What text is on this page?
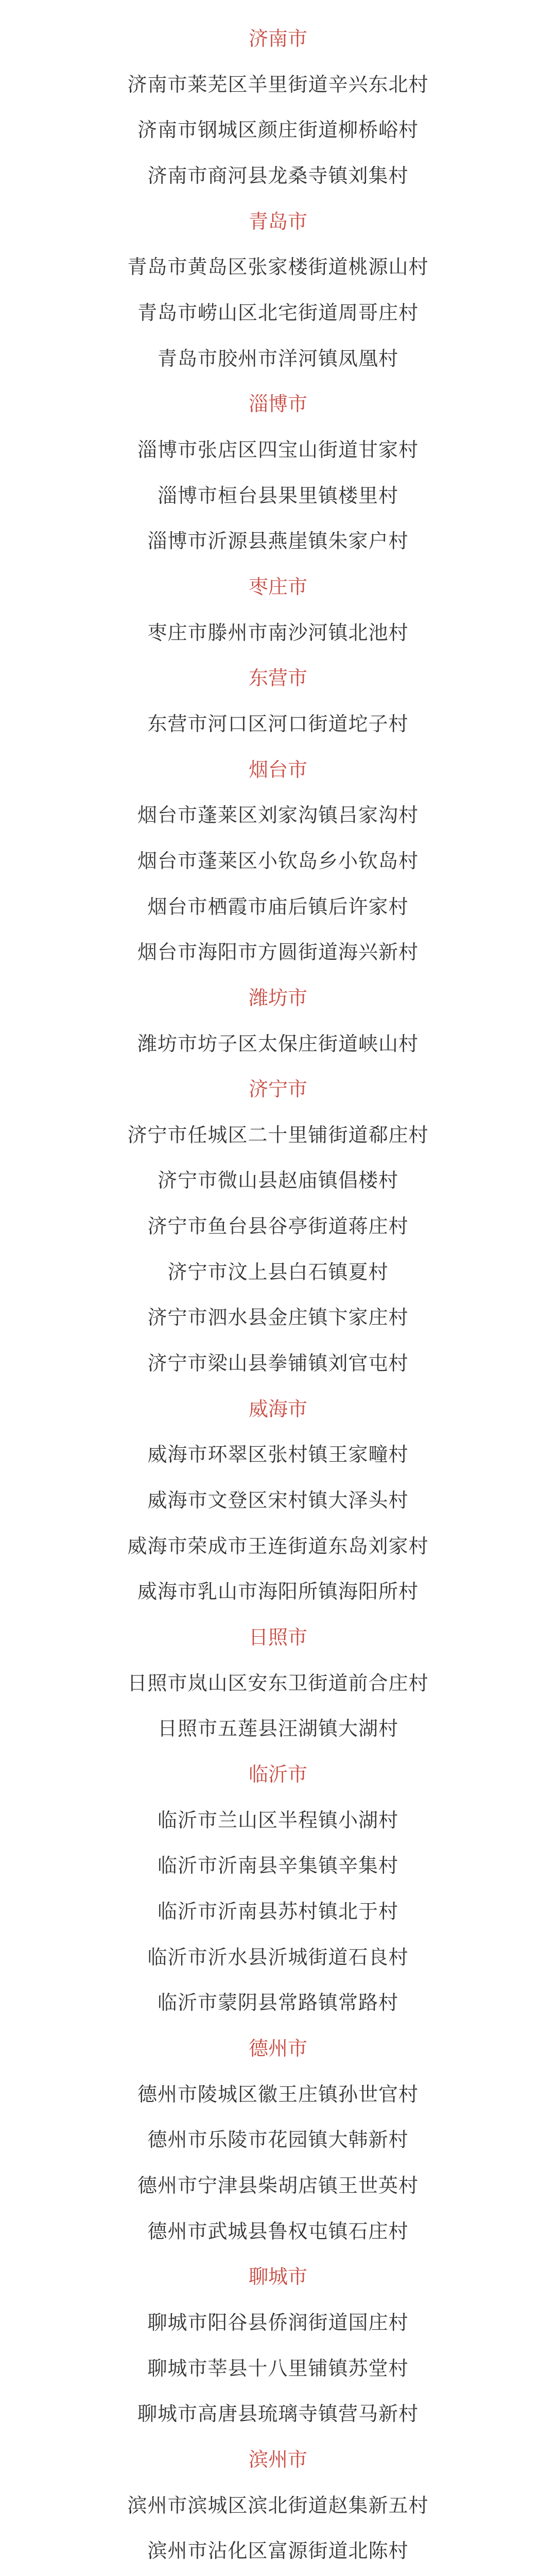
济南市
济南市莱芜区羊里街道辛兴东北村
济南市钢城区颜庄街道柳桥峪村
济南市商河县龙桑寺镇刘集村
青岛市
青岛市黄岛区张家楼街道桃源山村
青岛市崂山区北宅街道周哥庄村
青岛市胶州市洋河镇凤凰村
淄博市
淄博市张店区四宝山街道甘家村
淄博市桓台县果里镇楼里村
淄博市沂源县燕崖镇朱家户村
枣庄市
枣庄市滕州市南沙河镇北池村
东营市
东营市河口区河口街道坨子村
烟台市
烟台市蓬莱区刘家沟镇吕家沟村
烟台市蓬莱区小钦岛乡小钦岛村
烟台市栖霞市庙后镇后许家村
烟台市海阳市方圆街道海兴新村
潍坊市
潍坊市坊子区太保庄街道峡山村
济宁市
济宁市任城区二十里铺街道郗庄村
济宁市微山县赵庙镇倡楼村
济宁市鱼台县谷亭街道蒋庄村
济宁市汶上县白石镇夏村
济宁市泗水县金庄镇卞家庄村
济宁市梁山县拳铺镇刘官屯村
威海市
威海市环翠区张村镇王家疃村
威海市文登区宋村镇大泽头村
威海市荣成市王连街道东岛刘家村
威海市乳山市海阳所镇海阳所村
日照市
日照市岚山区安东卫街道前合庄村
日照市五莲县汪湖镇大湖村
临沂市
临沂市兰山区半程镇小湖村
临沂市沂南县辛集镇辛集村
临沂市沂南县苏村镇北于村
临沂市沂水县沂城街道石良村
临沂市蒙阴县常路镇常路村
德州市
德州市陵城区徽王庄镇孙世官村
德州市乐陵市花园镇大韩新村
德州市宁津县柴胡店镇王世英村
德州市武城县鲁权屯镇石庄村
聊城市
聊城市阳谷县侨润街道国庄村
聊城市莘县十八里铺镇苏堂村
聊城市高唐县琉璃寺镇营马新村
滨州市
滨州市滨城区滨北街道赵集新五村
滨州市沾化区富源街道北陈村
